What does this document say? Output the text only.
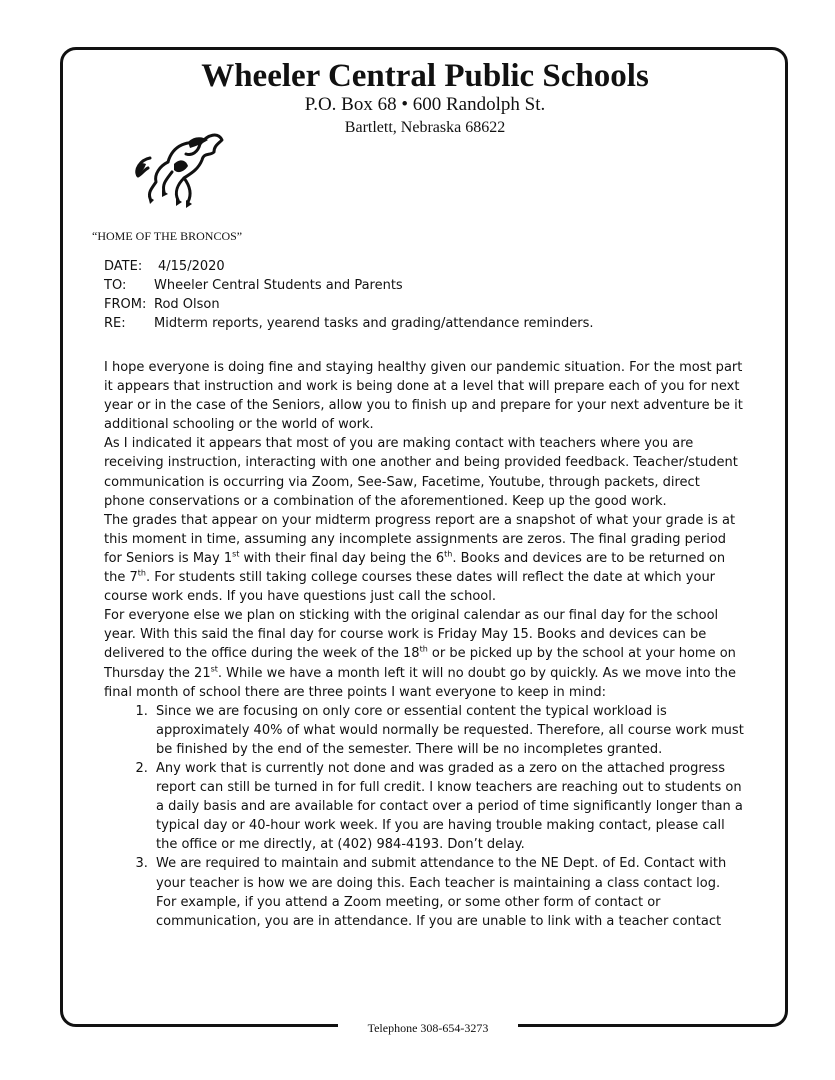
Telephone 308-654-3273
Wheeler Central Public Schools
P.O. Box 68 • 600 Randolph St.
Bartlett, Nebraska 68622
“HOME OF THE BRONCOS”
DATE:	4/15/2020
TO:	Wheeler Central Students and Parents
FROM: Rod Olson
RE:	Midterm reports, yearend tasks and grading/attendance reminders.

I hope everyone is doing fine and staying healthy given our pandemic situation. For the most part it appears that instruction and work is being done at a level that will prepare each of you for next year or in the case of the Seniors, allow you to finish up and prepare for your next adventure be it additional schooling or the world of work.

As I indicated it appears that most of you are making contact with teachers where you are receiving instruction, interacting with one another and being provided feedback. Teacher/student communication is occurring via Zoom, See-Saw, Facetime, Youtube, through packets, direct phone conservations or a combination of the aforementioned. Keep up the good work.

The grades that appear on your midterm progress report are a snapshot of what your grade is at this moment in time, assuming any incomplete assignments are zeros. The final grading period for Seniors is May 1st with their final day being the 6th. Books and devices are to be returned on the 7th. For students still taking college courses these dates will reflect the date at which your course work ends. If you have questions just call the school.

For everyone else we plan on sticking with the original calendar as our final day for the school year. With this said the final day for course work is Friday May 15. Books and devices can be delivered to the office during the week of the 18th or be picked up by the school at your home on Thursday the 21st. While we have a month left it will no doubt go by quickly. As we move into the final month of school there are three points I want everyone to keep in mind:

1. Since we are focusing on only core or essential content the typical workload is approximately 40% of what would normally be requested. Therefore, all course work must be finished by the end of the semester. There will be no incompletes granted.
2. Any work that is currently not done and was graded as a zero on the attached progress report can still be turned in for full credit. I know teachers are reaching out to students on a daily basis and are available for contact over a period of time significantly longer than a typical day or 40-hour work week. If you are having trouble making contact, please call the office or me directly, at (402) 984-4193. Don’t delay.
3. We are required to maintain and submit attendance to the NE Dept. of Ed. Contact with your teacher is how we are doing this. Each teacher is maintaining a class contact log. For example, if you attend a Zoom meeting, or some other form of contact or communication, you are in attendance. If you are unable to link with a teacher contact
